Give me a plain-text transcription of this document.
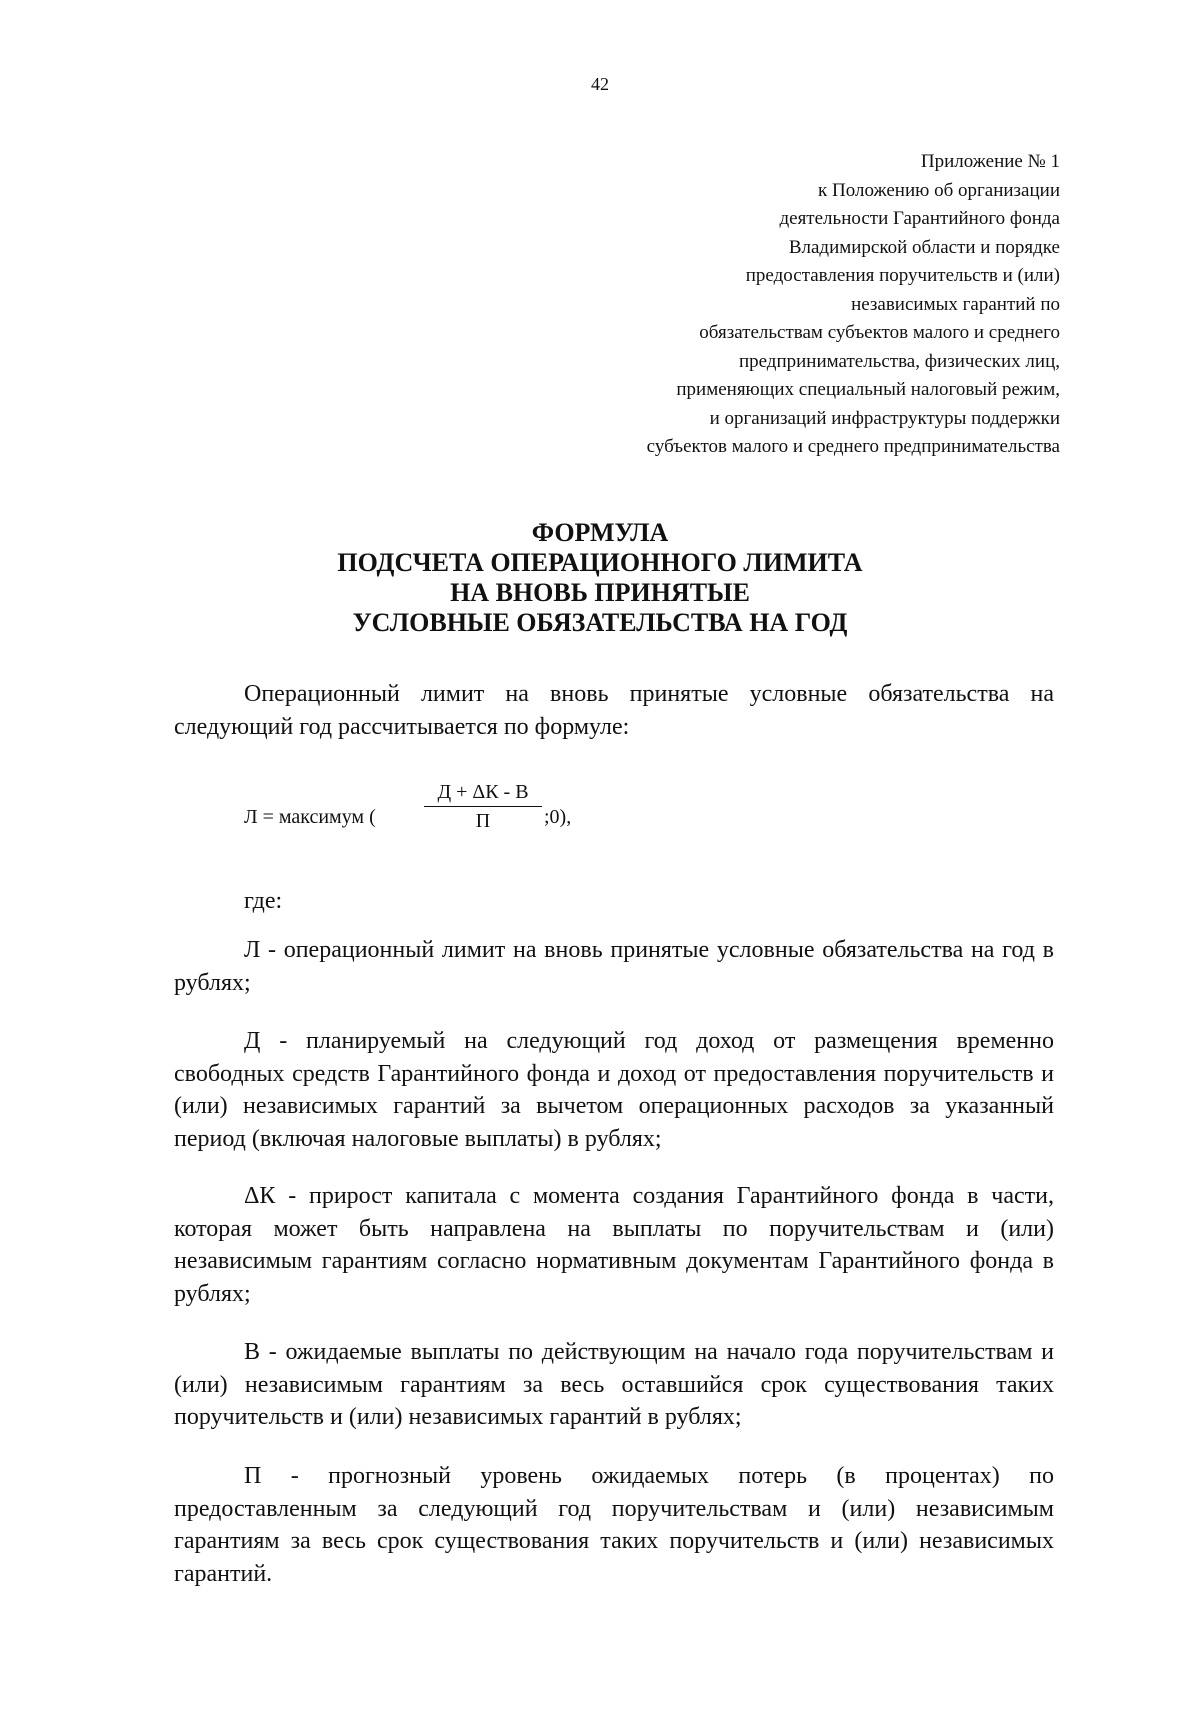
42
Приложение № 1
к Положению об организации
деятельности Гарантийного фонда
Владимирской области и порядке
предоставления поручительств и (или)
независимых гарантий по
обязательствам субъектов малого и среднего
предпринимательства, физических лиц,
применяющих специальный налоговый режим,
и организаций инфраструктуры поддержки
субъектов малого и среднего предпринимательства
ФОРМУЛА
ПОДСЧЕТА ОПЕРАЦИОННОГО ЛИМИТА
НА ВНОВЬ ПРИНЯТЫЕ
УСЛОВНЫЕ ОБЯЗАТЕЛЬСТВА НА ГОД

Операционный лимит на вновь принятые условные обязательства на следующий год рассчитывается по формуле:

Л = максимум (
Д + ΔК - В
П	;0),
где:

Л - операционный лимит на вновь принятые условные обязательства на год в рублях;

Д - планируемый на следующий год доход от размещения временно свободных средств Гарантийного фонда и доход от предоставления поручительств и (или) независимых гарантий за вычетом операционных расходов за указанный период (включая налоговые выплаты) в рублях;

ΔК - прирост капитала с момента создания Гарантийного фонда в части, которая может быть направлена на выплаты по поручительствам и (или) независимым гарантиям согласно нормативным документам Гарантийного фонда в рублях;

В - ожидаемые выплаты по действующим на начало года поручительствам и (или) независимым гарантиям за весь оставшийся срок существования таких поручительств и (или) независимых гарантий в рублях;

П - прогнозный уровень ожидаемых потерь (в процентах) по предоставленным за следующий год поручительствам и (или) независимым гарантиям за весь срок существования таких поручительств и (или) независимых гарантий.
